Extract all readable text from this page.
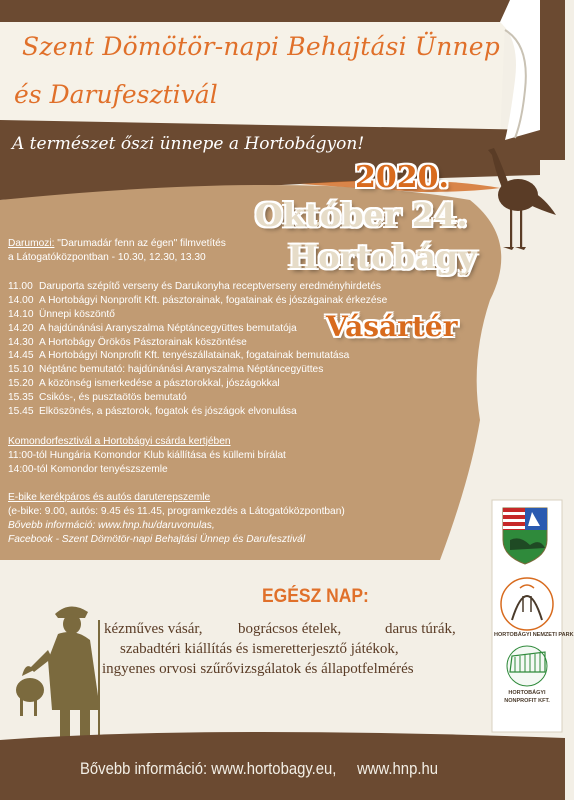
Szent Dömötör-napi Behajtási Ünnep
és Darufesztivál
A természet őszi ünnepe a Hortobágyon!
2020.
Október 24.
Hortobágy
Vásártér
Darumozi: "Darumadár fenn az égen" filmvetítés
a Látogatóközpontban - 10.30, 12.30, 13.30
11.00 Daruporta szépítő verseny és Darukonyha receptverseny eredményhirdetés
14.00 A Hortobágyi Nonprofit Kft. pásztorainak, fogatainak és jószágainak érkezése
14.10 Ünnepi köszöntő
14.20 A hajdúnánási Aranyszalma Néptáncegyüttes bemutatója
14.30 A Hortobágy Örökös Pásztorainak köszöntése
14.45 A Hortobágyi Nonprofit Kft. tenyészállatainak, fogatainak bemutatása
15.10 Néptánc bemutató: hajdúnánási Aranyszalma Néptáncegyüttes
15.20 A közönség ismerkedése a pásztorokkal, jószágokkal
15.35 Csikós-, és pusztaötös bemutató
15.45 Elköszönés, a pásztorok, fogatok és jószágok elvonulása
Komondorfesztivál a Hortobágyi csárda kertjében
11:00-tól Hungária Komondor Klub kiállítása és küllemi bírálat
14:00-tól Komondor tenyészszemle
E-bike kerékpáros és autós daruterepszemle
(e-bike: 9.00, autós: 9.45 és 11.45, programkezdés a Látogatóközpontban)
Bővebb információ: www.hnp.hu/daruvonulas,
Facebook - Szent Dömötör-napi Behajtási Ünnep és Darufesztivál
EGÉSZ NAP:
kézműves vásár, bográcsos ételek,	darus túrák,
szabadtéri kiállítás és ismeretterjesztő játékok,
ingyenes orvosi szűrővizsgálatok és állapotfelmérés
HORTOBÁGYI NEMZETI PARK
HORTOBÁGYI
NONPROFIT KFT.
Bővebb információ: www.hortobagy.eu,     www.hnp.hu
